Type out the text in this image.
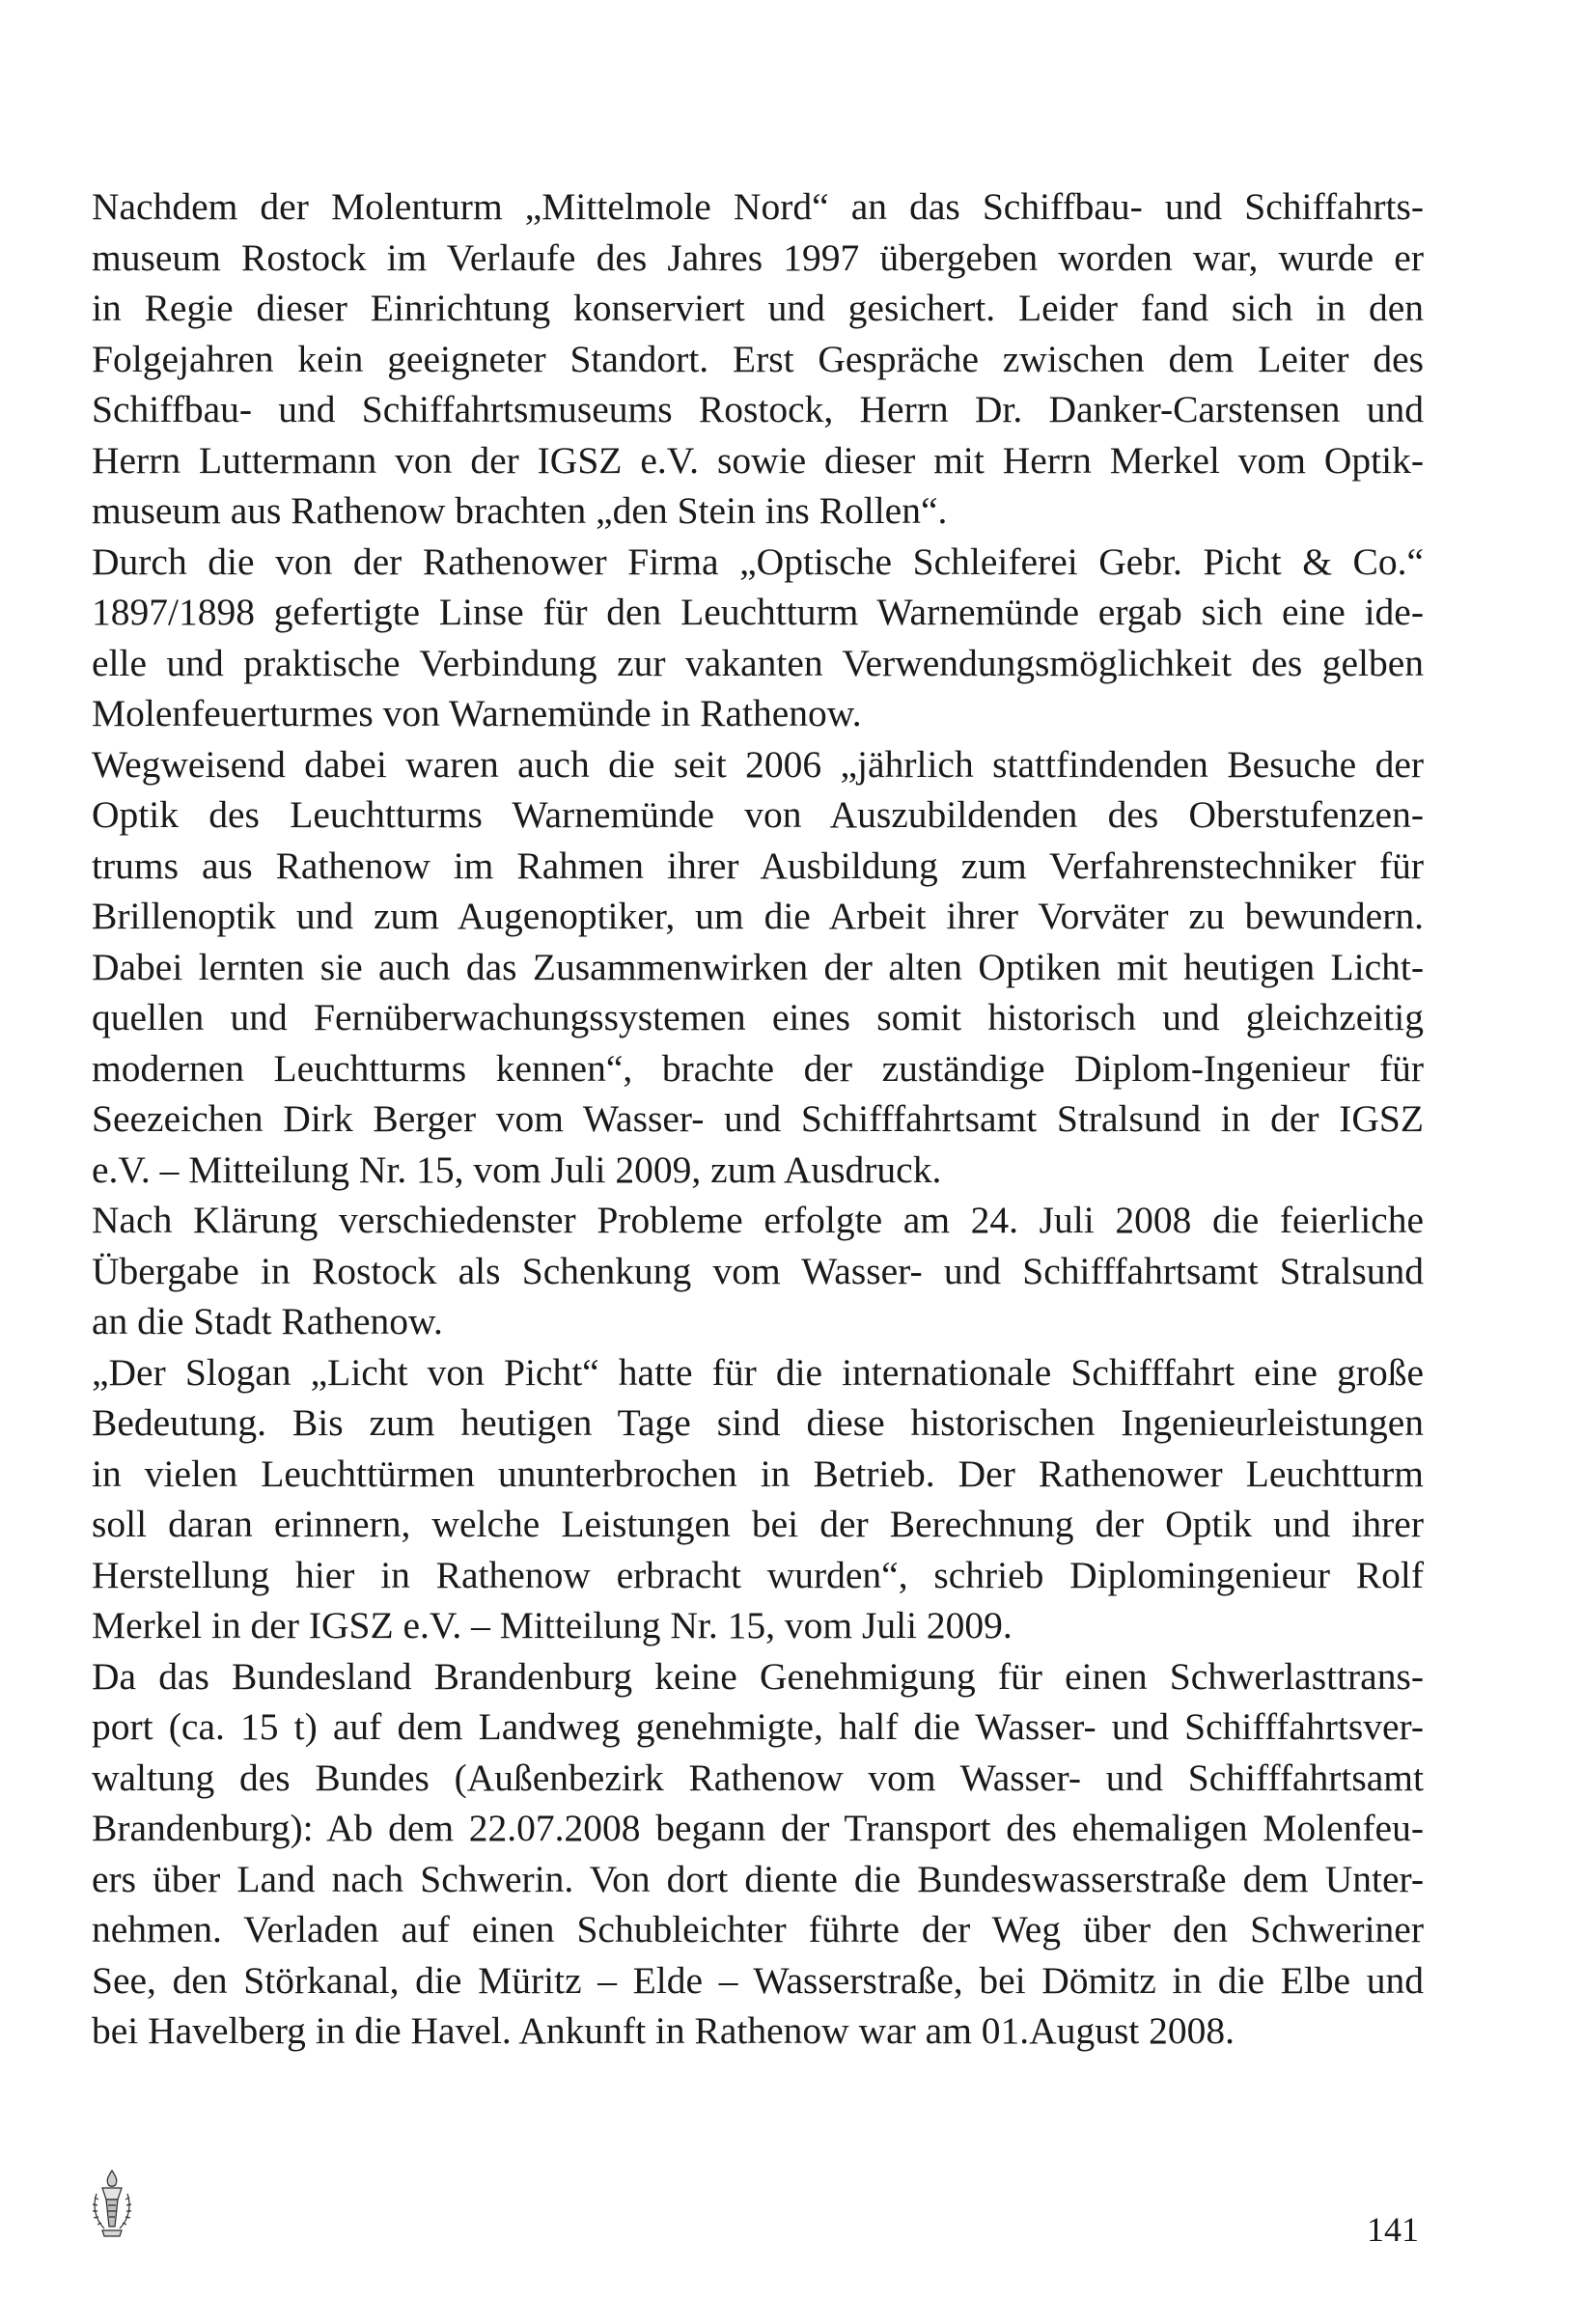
Nachdem der Molenturm „Mittelmole Nord“ an das Schiffbau- und Schiffahrts-
museum Rostock im Verlaufe des Jahres 1997 übergeben worden war, wurde er
in Regie dieser Einrichtung konserviert und gesichert. Leider fand sich in den
Folgejahren kein geeigneter Standort. Erst Gespräche zwischen dem Leiter des
Schiffbau- und Schiffahrtsmuseums Rostock, Herrn Dr. Danker-Carstensen und
Herrn Luttermann von der IGSZ e.V. sowie dieser mit Herrn Merkel vom Optik-
museum aus Rathenow brachten „den Stein ins Rollen“.
Durch die von der Rathenower Firma „Optische Schleiferei Gebr. Picht & Co.“
1897/1898 gefertigte Linse für den Leuchtturm Warnemünde ergab sich eine ide-
elle und praktische Verbindung zur vakanten Verwendungsmöglichkeit des gelben
Molenfeuerturmes von Warnemünde in Rathenow.
Wegweisend dabei waren auch die seit 2006 „jährlich stattfindenden Besuche der
Optik des Leuchtturms Warnemünde von Auszubildenden des Oberstufenzen-
trums aus Rathenow im Rahmen ihrer Ausbildung zum Verfahrenstechniker für
Brillenoptik und zum Augenoptiker, um die Arbeit ihrer Vorväter zu bewundern.
Dabei lernten sie auch das Zusammenwirken der alten Optiken mit heutigen Licht-
quellen und Fernüberwachungssystemen eines somit historisch und gleichzeitig
modernen Leuchtturms kennen“, brachte der zuständige Diplom-Ingenieur für
Seezeichen Dirk Berger vom Wasser- und Schifffahrtsamt Stralsund in der IGSZ
e.V. – Mitteilung Nr. 15, vom Juli 2009, zum Ausdruck.
Nach Klärung verschiedenster Probleme erfolgte am 24. Juli 2008 die feierliche
Übergabe in Rostock als Schenkung vom Wasser- und Schifffahrtsamt Stralsund
an die Stadt Rathenow.
„Der Slogan „Licht von Picht“ hatte für die internationale Schifffahrt eine große
Bedeutung. Bis zum heutigen Tage sind diese historischen Ingenieurleistungen
in vielen Leuchttürmen ununterbrochen in Betrieb. Der Rathenower Leuchtturm
soll daran erinnern, welche Leistungen bei der Berechnung der Optik und ihrer
Herstellung hier in Rathenow erbracht wurden“, schrieb Diplomingenieur Rolf
Merkel in der IGSZ e.V. – Mitteilung Nr. 15, vom Juli 2009.
Da das Bundesland Brandenburg keine Genehmigung für einen Schwerlasttrans-
port (ca. 15 t) auf dem Landweg genehmigte, half die Wasser- und Schifffahrtsver-
waltung des Bundes (Außenbezirk Rathenow vom Wasser- und Schifffahrtsamt
Brandenburg): Ab dem 22.07.2008 begann der Transport des ehemaligen Molenfeu-
ers über Land nach Schwerin. Von dort diente die Bundeswasserstraße dem Unter-
nehmen. Verladen auf einen Schubleichter führte der Weg über den Schweriner
See, den Störkanal, die Müritz – Elde – Wasserstraße, bei Dömitz in die Elbe und
bei Havelberg in die Havel. Ankunft in Rathenow war am 01.August 2008.
141
